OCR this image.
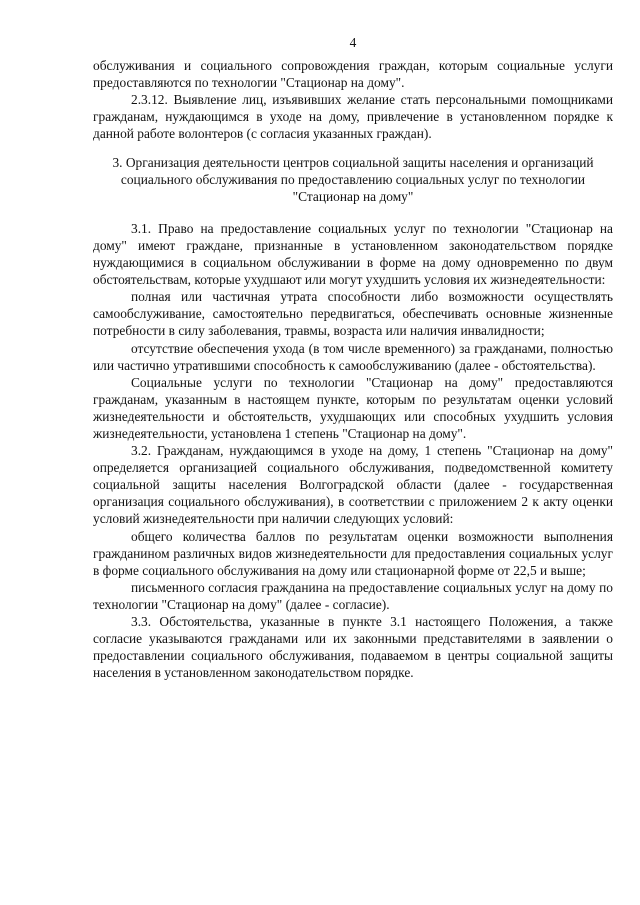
4

обслуживания и социального сопровождения граждан, которым социальные услуги предоставляются по технологии "Стационар на дому".

2.3.12. Выявление лиц, изъявивших желание стать персональными помощниками гражданам, нуждающимся в уходе на дому, привлечение в установленном порядке к данной работе волонтеров (с согласия указанных граждан).

3. Организация деятельности центров социальной защиты населения и организаций социального обслуживания по предоставлению социальных услуг по технологии "Стационар на дому"

3.1. Право на предоставление социальных услуг по технологии "Стационар на дому" имеют граждане, признанные в установленном законодательством порядке нуждающимися в социальном обслуживании в форме на дому одновременно по двум обстоятельствам, которые ухудшают или могут ухудшить условия их жизнедеятельности:

полная или частичная утрата способности либо возможности осуществлять самообслуживание, самостоятельно передвигаться, обеспечивать основные жизненные потребности в силу заболевания, травмы, возраста или наличия инвалидности;

отсутствие обеспечения ухода (в том числе временного) за гражданами, полностью или частично утратившими способность к самообслуживанию (далее - обстоятельства).

Социальные услуги по технологии "Стационар на дому" предоставляются гражданам, указанным в настоящем пункте, которым по результатам оценки условий жизнедеятельности и обстоятельств, ухудшающих или способных ухудшить условия жизнедеятельности, установлена 1 степень "Стационар на дому".

3.2. Гражданам, нуждающимся в уходе на дому, 1 степень "Стационар на дому" определяется организацией социального обслуживания, подведомственной комитету социальной защиты населения Волгоградской области (далее - государственная организация социального обслуживания), в соответствии с приложением 2 к акту оценки условий жизнедеятельности при наличии следующих условий:

общего количества баллов по результатам оценки возможности выполнения гражданином различных видов жизнедеятельности для предоставления социальных услуг в форме социального обслуживания на дому или стационарной форме от 22,5 и выше;

письменного согласия гражданина на предоставление социальных услуг на дому по технологии "Стационар на дому" (далее - согласие).

3.3. Обстоятельства, указанные в пункте 3.1 настоящего Положения, а также согласие указываются гражданами или их законными представителями в заявлении о предоставлении социального обслуживания, подаваемом в центры социальной защиты населения в установленном законодательством порядке.
